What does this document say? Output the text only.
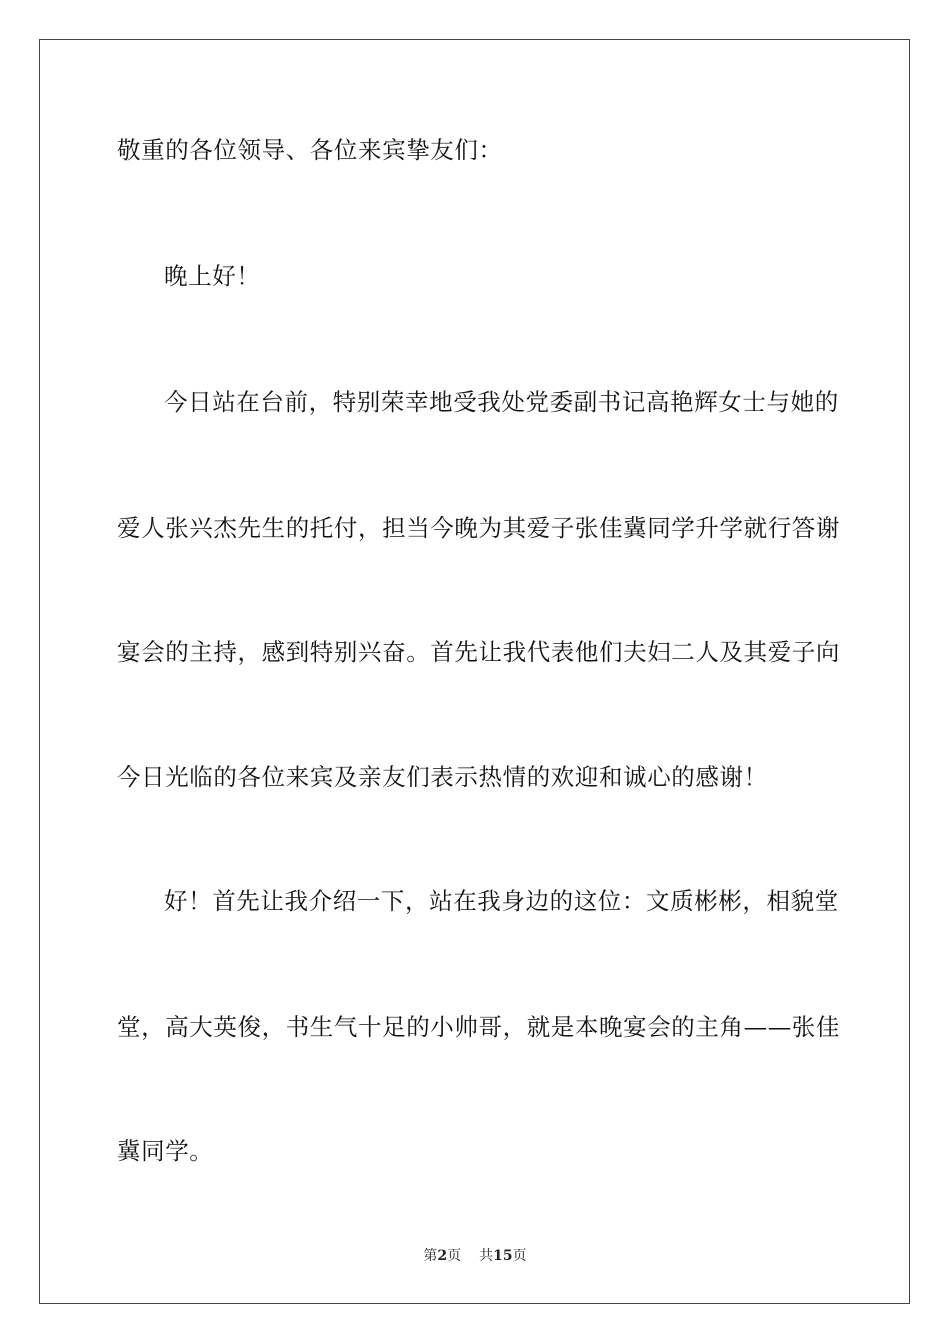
敬重的各位领导、各位来宾挚友们：
晚上好！
今日站在台前，特别荣幸地受我处党委副书记高艳辉女士与她的
爱人张兴杰先生的托付，担当今晚为其爱子张佳冀同学升学就行答谢
宴会的主持，感到特别兴奋。首先让我代表他们夫妇二人及其爱子向
今日光临的各位来宾及亲友们表示热情的欢迎和诚心的感谢！
好！首先让我介绍一下，站在我身边的这位：文质彬彬，相貌堂
堂，高大英俊，书生气十足的小帅哥，就是本晚宴会的主角——张佳
冀同学。
第2页 共15页
